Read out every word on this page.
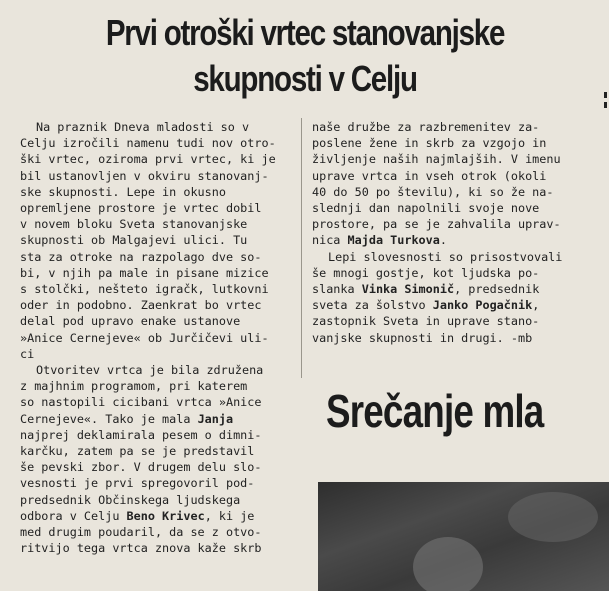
Prvi otroški vrtec stanovanjske
skupnosti v Celju
Na praznik Dneva mladosti so v
Celju izročili namenu tudi nov otro-
ški vrtec, oziroma prvi vrtec, ki je
bil ustanovljen v okviru stanovanj-
ske skupnosti. Lepe in okusno
opremljene prostore je vrtec dobil
v novem bloku Sveta stanovanjske
skupnosti ob Malgajevi ulici. Tu
sta za otroke na razpolago dve so-
bi, v njih pa male in pisane mizice
s stolčki, nešteto igračk, lutkovni
oder in podobno. Zaenkrat bo vrtec
delal pod upravo enake ustanove
»Anice Cernejeve« ob Jurčičevi uli-
ci
Otvoritev vrtca je bila združena
z majhnim programom, pri katerem
so nastopili cicibani vrtca »Anice
Cernejeve«. Tako je mala Janja
najprej deklamirala pesem o dimni-
karčku, zatem pa se je predstavil
še pevski zbor. V drugem delu slo-
vesnosti je prvi spregovoril pod-
predsednik Občinskega ljudskega
odbora v Celju Beno Krivec, ki je
med drugim poudaril, da se z otvo-
ritvijo tega vrtca znova kaže skrb
naše družbe za razbremenitev za-
poslene žene in skrb za vzgojo in
življenje naših najmlajših. V imenu
uprave vrtca in vseh otrok (okoli
40 do 50 po številu), ki so že na-
slednji dan napolnili svoje nove
prostore, pa se je zahvalila uprav-
nica Majda Turkova.
Lepi slovesnosti so prisostvovali
še mnogi gostje, kot ljudska po-
slanka Vinka Simonič, predsednik
sveta za šolstvo Janko Pogačnik,
zastopnik Sveta in uprave stano-
vanjske skupnosti in drugi. -mb
Srečanje mla
